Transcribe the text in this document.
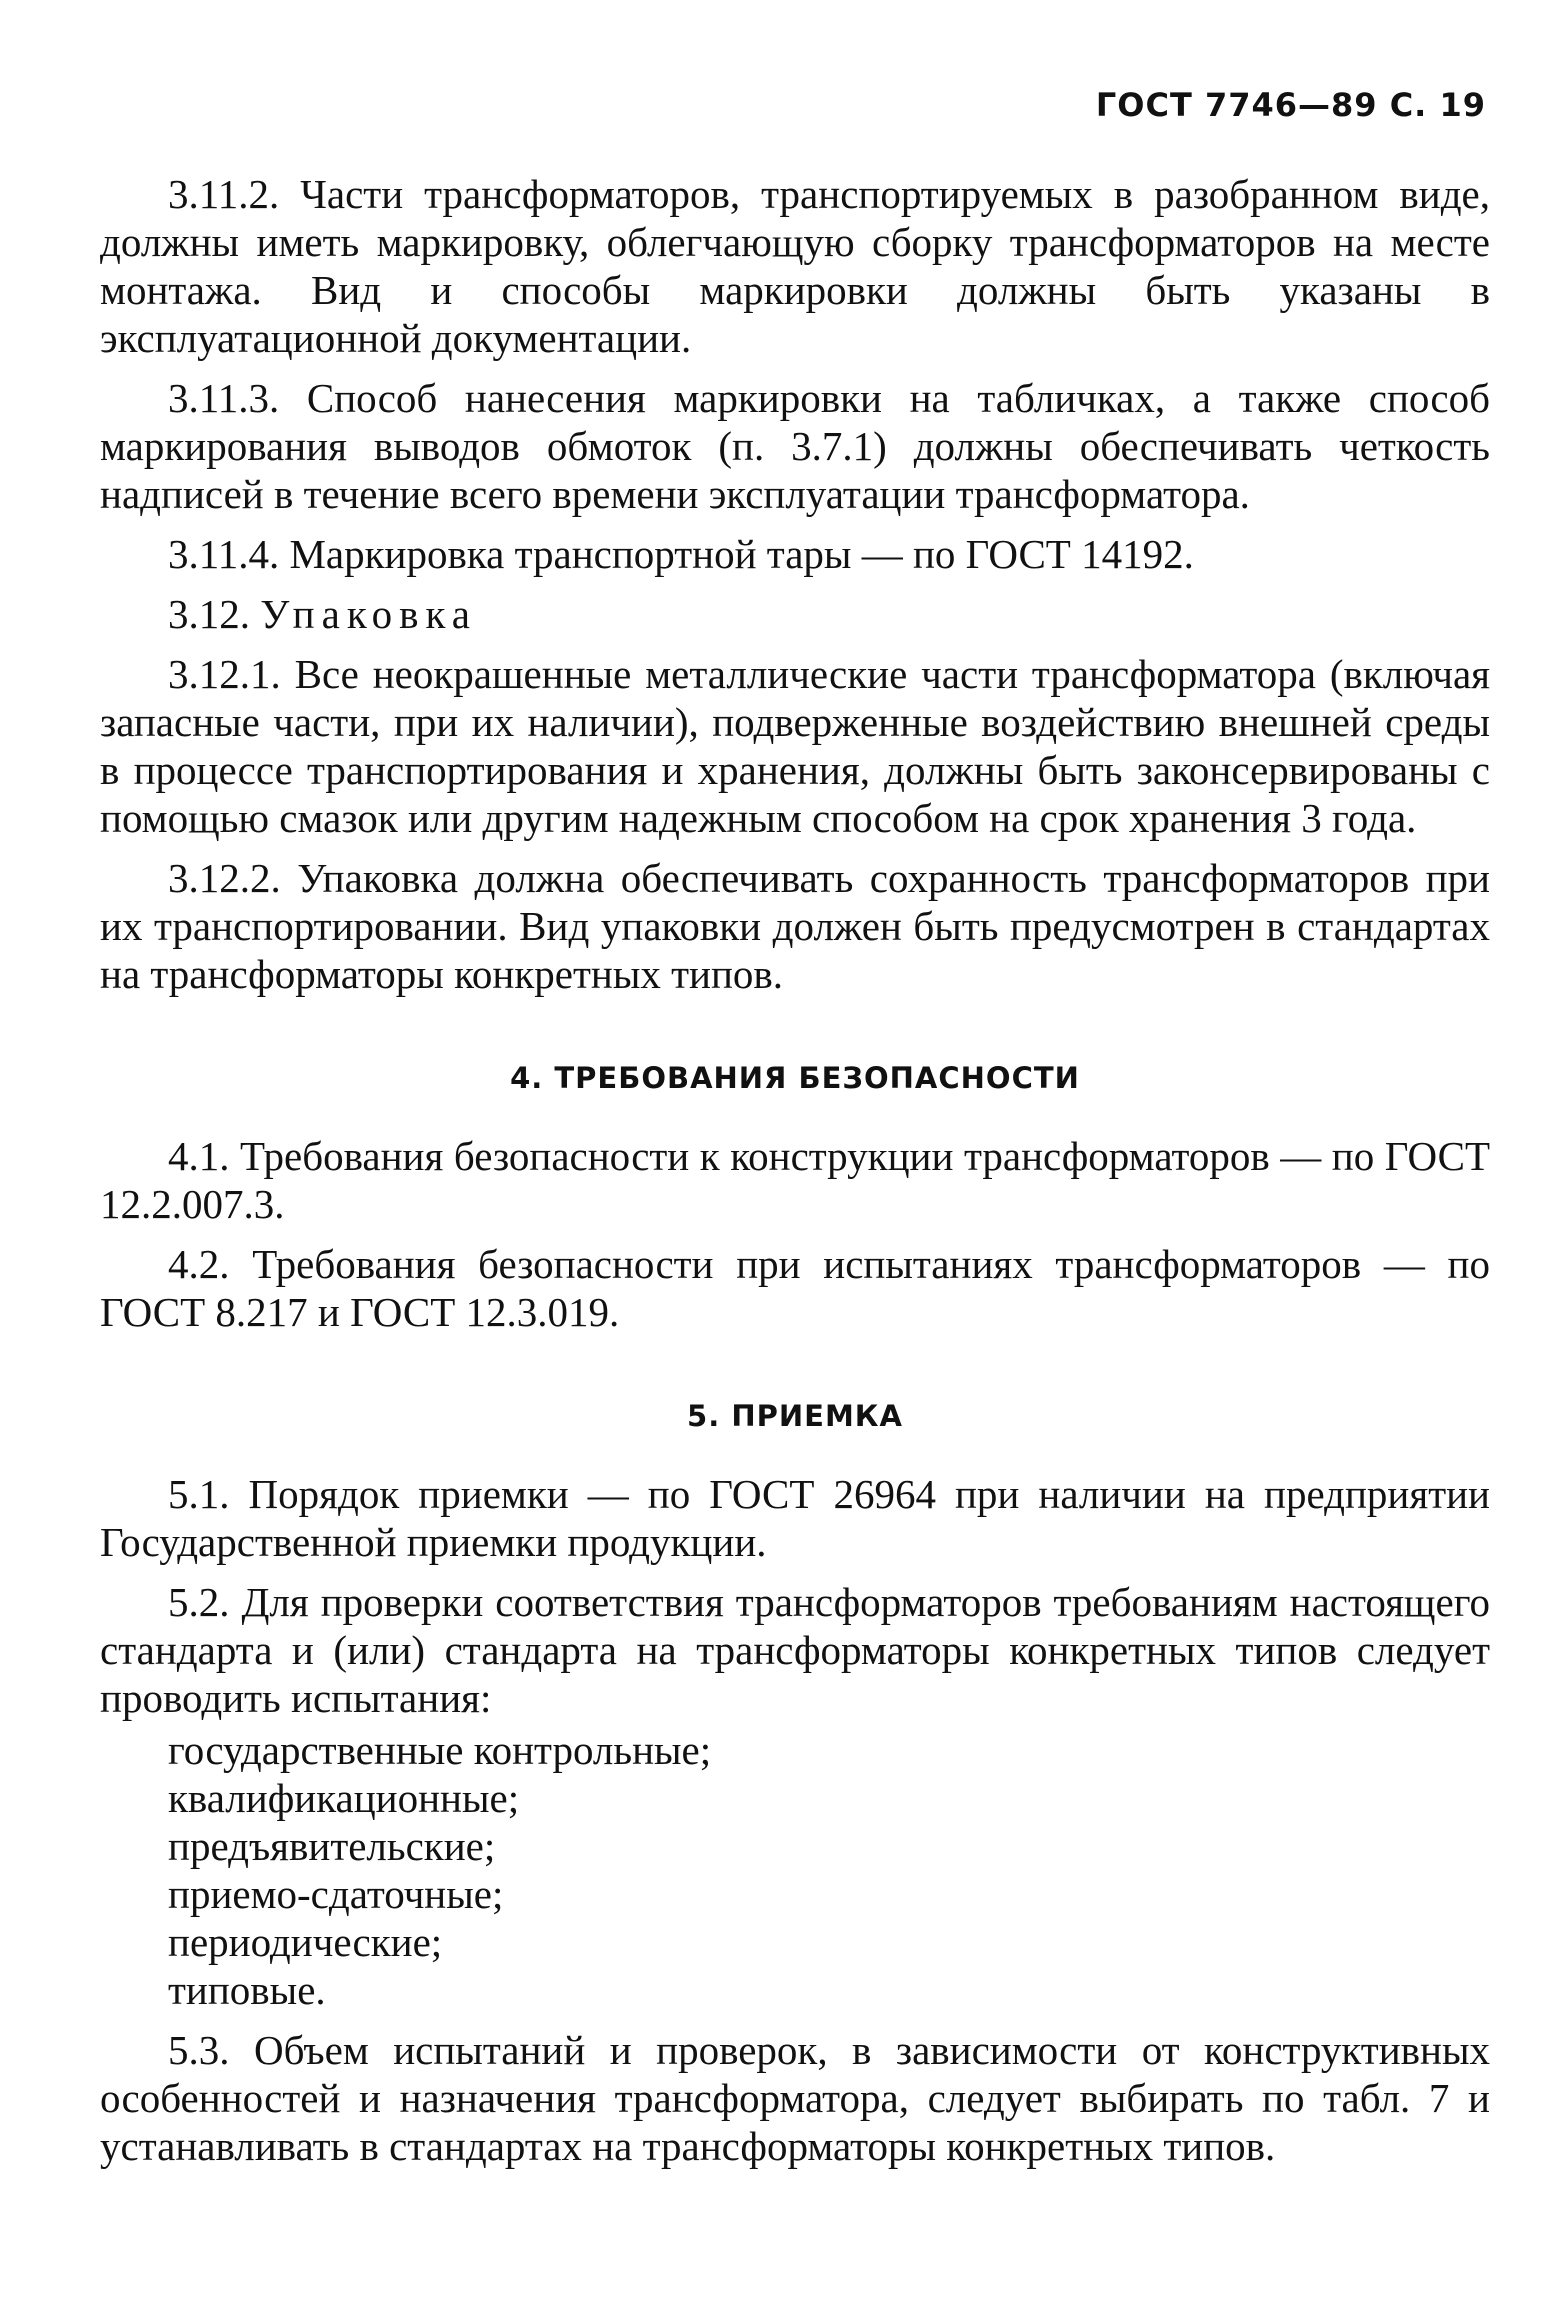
ГОСТ 7746—89 С. 19

3.11.2. Части трансформаторов, транспортируемых в разобранном виде, должны иметь маркировку, облегчающую сборку трансформаторов на месте монтажа. Вид и способы маркировки должны быть указаны в эксплуатационной документации.

3.11.3. Способ нанесения маркировки на табличках, а также способ маркирования выводов обмоток (п. 3.7.1) должны обеспечивать четкость надписей в течение всего времени эксплуатации трансформатора.

3.11.4. Маркировка транспортной тары — по ГОСТ 14192.

3.12. Упаковка

3.12.1. Все неокрашенные металлические части трансформатора (включая запасные части, при их наличии), подверженные воздействию внешней среды в процессе транспортирования и хранения, должны быть законсервированы с помощью смазок или другим надежным способом на срок хранения 3 года.

3.12.2. Упаковка должна обеспечивать сохранность трансформаторов при их транспортировании. Вид упаковки должен быть предусмотрен в стандартах на трансформаторы конкретных типов.

4. ТРЕБОВАНИЯ БЕЗОПАСНОСТИ

4.1. Требования безопасности к конструкции трансформаторов — по ГОСТ 12.2.007.3.

4.2. Требования безопасности при испытаниях трансформаторов — по ГОСТ 8.217 и ГОСТ 12.3.019.

5. ПРИЕМКА

5.1. Порядок приемки — по ГОСТ 26964 при наличии на предприятии Государственной приемки продукции.

5.2. Для проверки соответствия трансформаторов требованиям настоящего стандарта и (или) стандарта на трансформаторы конкретных типов следует проводить испытания:

государственные контрольные;
квалификационные;
предъявительские;
приемо-сдаточные;
периодические;
типовые.

5.3. Объем испытаний и проверок, в зависимости от конструктивных особенностей и назначения трансформатора, следует выбирать по табл. 7 и устанавливать в стандартах на трансформаторы конкретных типов.
